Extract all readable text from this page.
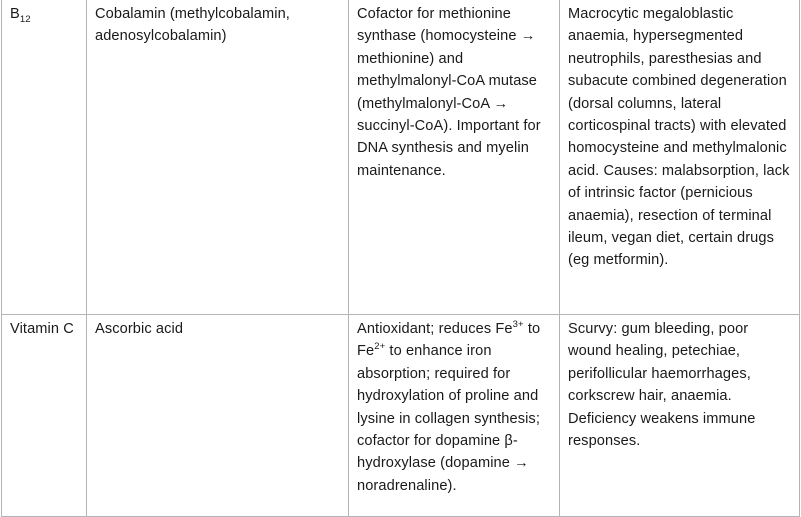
$B_{12}$	Cobalamin (methylcobalamin, adenosylcobalamin)	Cofactor for methionine synthase (homocysteine → methionine) and methylmalonyl-CoA mutase (methylmalonyl-CoA → succinyl-CoA). Important for DNA synthesis and myelin maintenance.	Macrocytic megaloblastic anaemia, hypersegmented neutrophils, paresthesias and subacute combined degeneration (dorsal columns, lateral corticospinal tracts) with elevated homocysteine and methylmalonic acid. Causes: malabsorption, lack of intrinsic factor (pernicious anaemia), resection of terminal ileum, vegan diet, certain drugs (eg metformin).
Vitamin C	Ascorbic acid	Antioxidant; reduces $Fe^{3+}$ to $Fe^{2+}$ to enhance iron absorption; required for hydroxylation of proline and lysine in collagen synthesis; cofactor for dopamine β-hydroxylase (dopamine → noradrenaline).	Scurvy: gum bleeding, poor wound healing, petechiae, perifollicular haemorrhages, corkscrew hair, anaemia. Deficiency weakens immune responses.
